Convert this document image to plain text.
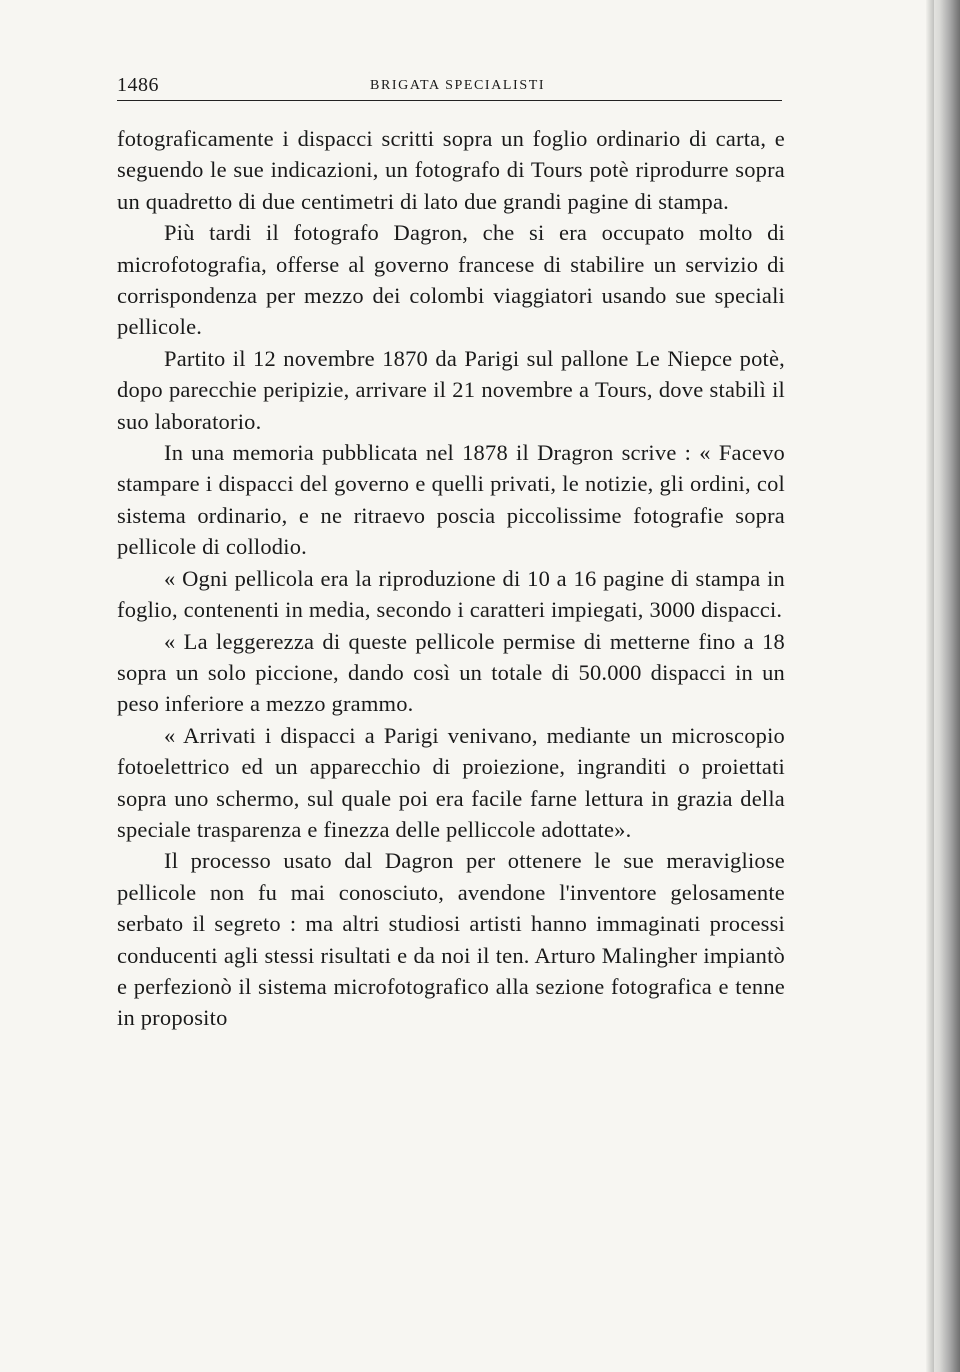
1486	BRIGATA SPECIALISTI

fotograficamente i dispacci scritti sopra un foglio ordinario di carta, e seguendo le sue indicazioni, un fotografo di Tours potè riprodurre sopra un quadretto di due centimetri di lato due grandi pagine di stampa.

Più tardi il fotografo Dagron, che si era occupato molto di microfotografia, offerse al governo francese di stabilire un servizio di corrispondenza per mezzo dei colombi viaggiatori usando sue speciali pellicole.

Partito il 12 novembre 1870 da Parigi sul pallone Le Niepce potè, dopo parecchie peripizie, arrivare il 21 novembre a Tours, dove stabilì il suo laboratorio.

In una memoria pubblicata nel 1878 il Dragron scrive : « Facevo stampare i dispacci del governo e quelli privati, le notizie, gli ordini, col sistema ordinario, e ne ritraevo poscia piccolissime fotografie sopra pellicole di collodio.

« Ogni pellicola era la riproduzione di 10 a 16 pagine di stampa in foglio, contenenti in media, secondo i caratteri impiegati, 3000 dispacci.

« La leggerezza di queste pellicole permise di metterne fino a 18 sopra un solo piccione, dando così un totale di 50.000 dispacci in un peso inferiore a mezzo grammo.

« Arrivati i dispacci a Parigi venivano, mediante un microscopio fotoelettrico ed un apparecchio di proiezione, ingranditi o proiettati sopra uno schermo, sul quale poi era facile farne lettura in grazia della speciale trasparenza e finezza delle pelliccole adottate».

Il processo usato dal Dagron per ottenere le sue meravigliose pellicole non fu mai conosciuto, avendone l'inventore gelosamente serbato il segreto : ma altri studiosi artisti hanno immaginati processi conducenti agli stessi risultati e da noi il ten. Arturo Malingher impiantò e perfezionò il sistema microfotografico alla sezione fotografica e tenne in proposito
